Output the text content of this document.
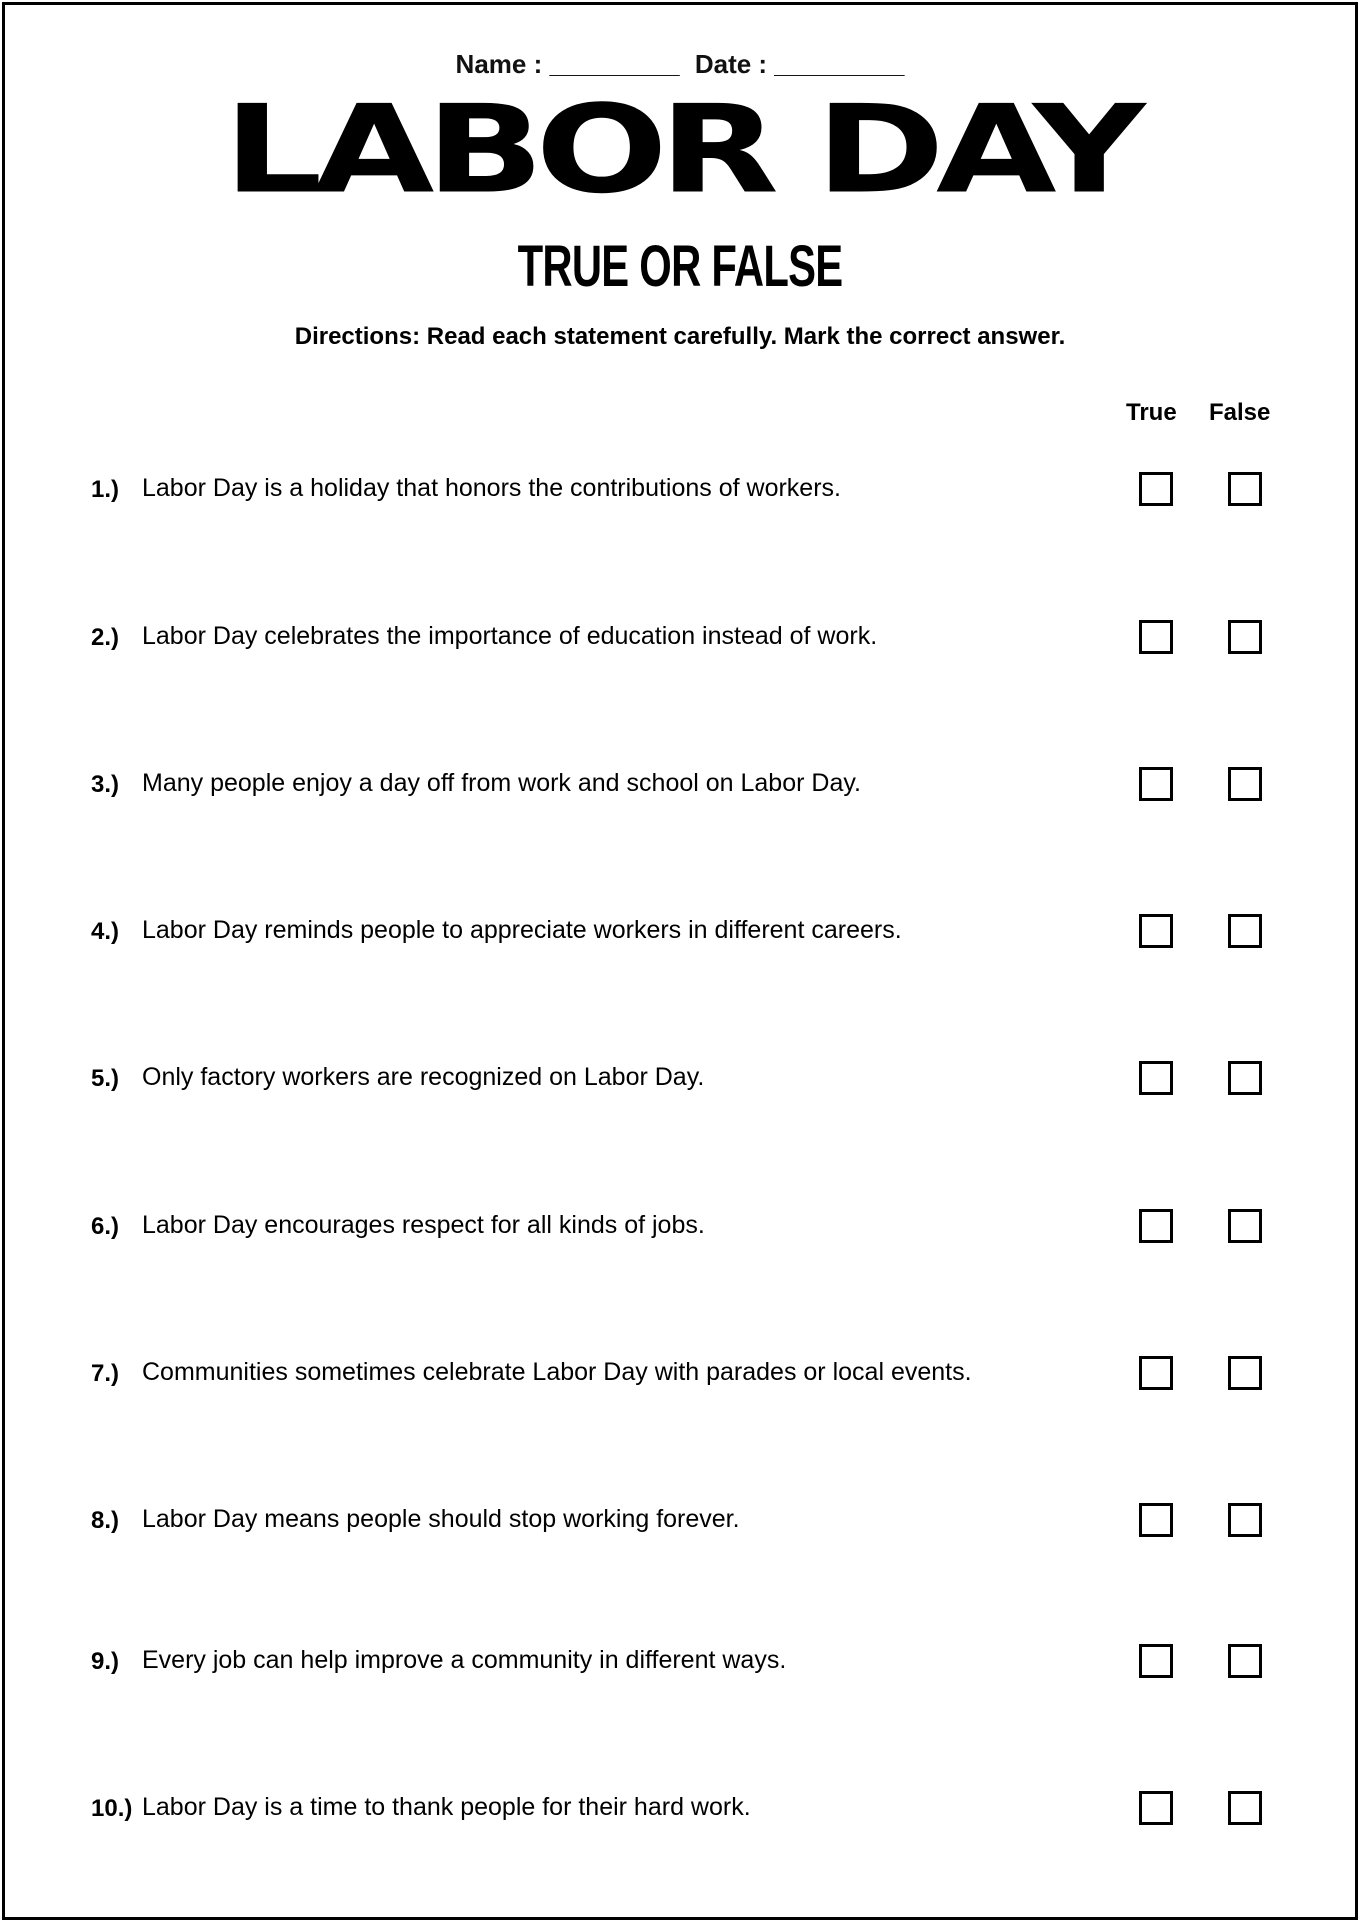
Name : _________ Date : _________
LABOR DAY
TRUE OR FALSE
Directions: Read each statement carefully. Mark the correct answer.
True False
1.) Labor Day is a holiday that honors the contributions of workers.
2.) Labor Day celebrates the importance of education instead of work.
3.) Many people enjoy a day off from work and school on Labor Day.
4.) Labor Day reminds people to appreciate workers in different careers.
5.) Only factory workers are recognized on Labor Day.
6.) Labor Day encourages respect for all kinds of jobs.
7.) Communities sometimes celebrate Labor Day with parades or local events.
8.) Labor Day means people should stop working forever.
9.) Every job can help improve a community in different ways.
10.) Labor Day is a time to thank people for their hard work.
